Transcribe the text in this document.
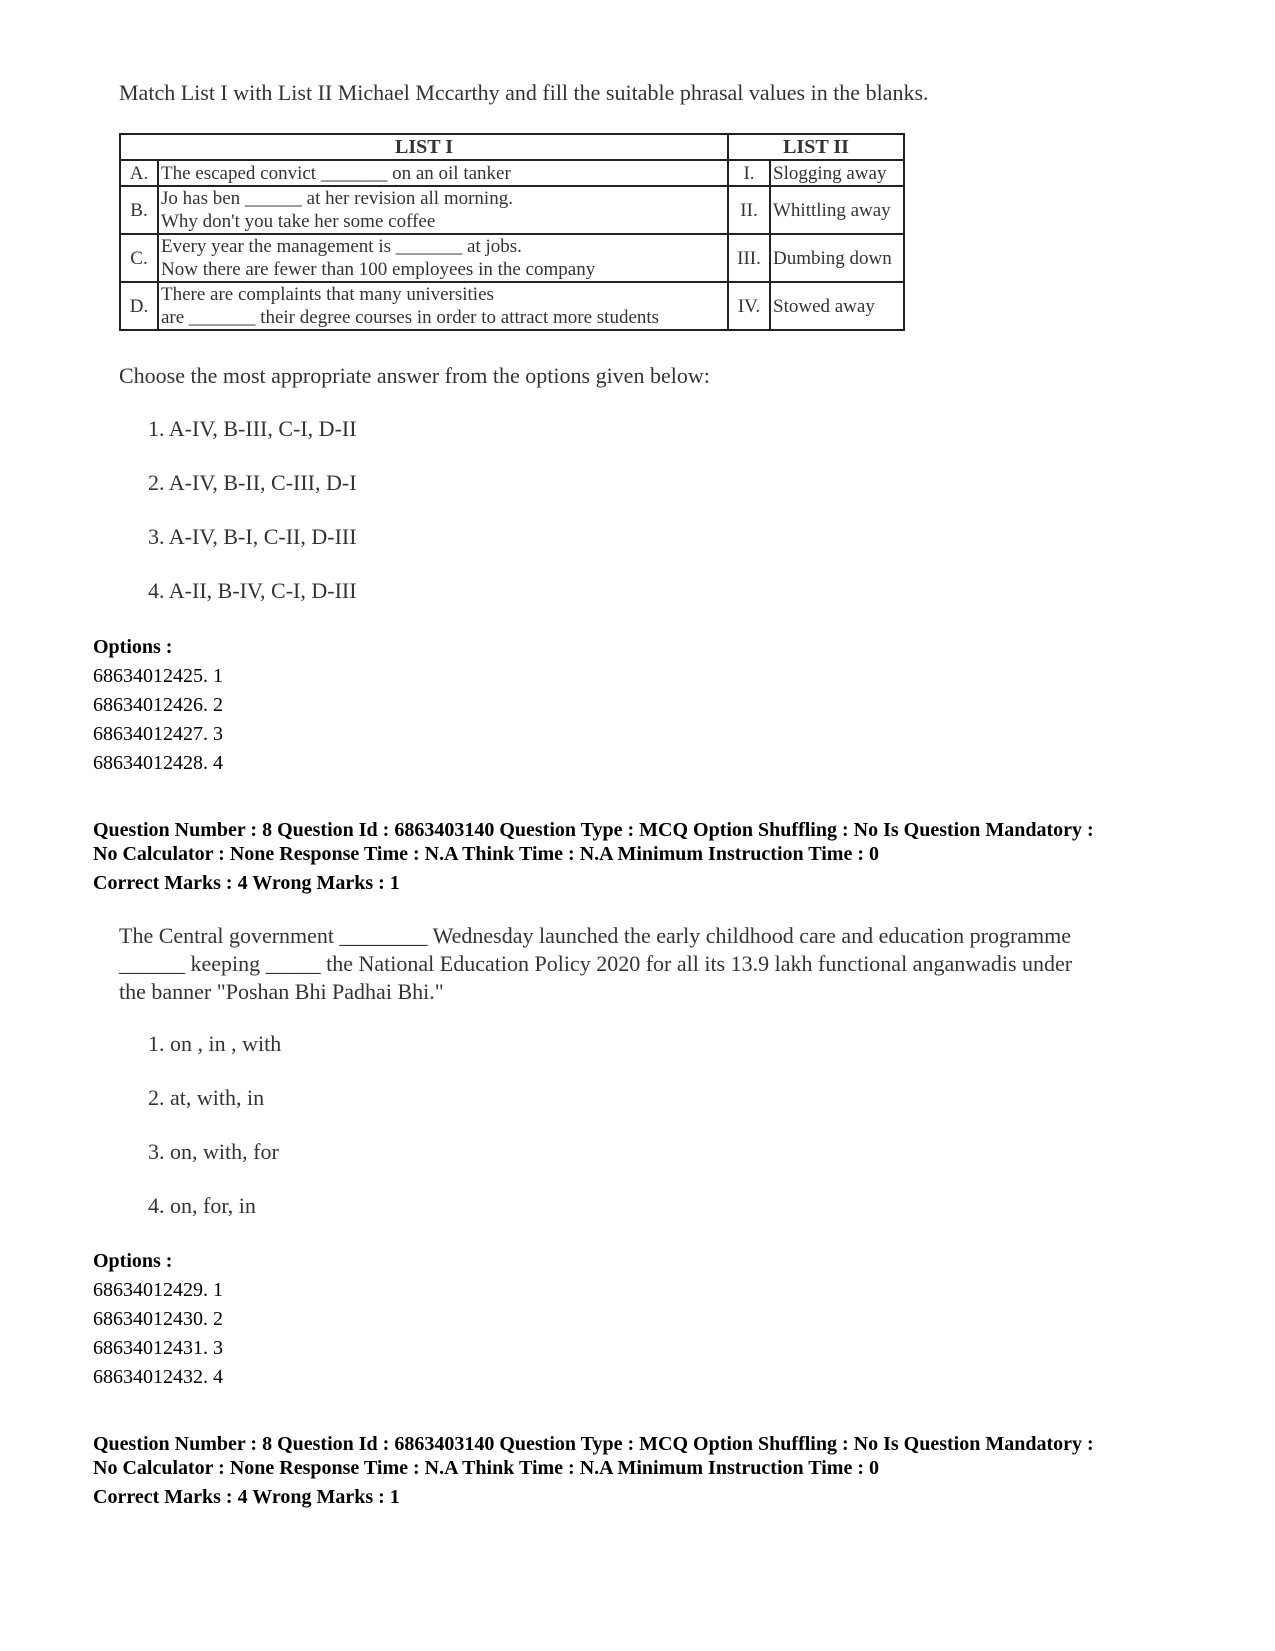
Match List I with List II Michael Mccarthy and fill the suitable phrasal values in the blanks.
LIST I		LIST II	
A.	The escaped convict _______ on an oil tanker	I.	Slogging away
B.	Jo has ben ______ at her revision all morning.
Why don't you take her some coffee	II.	Whittling away
C.	Every year the management is _______ at jobs.
Now there are fewer than 100 employees in the company	III.	Dumbing down
D.	There are complaints that many universities
are _______ their degree courses in order to attract more students	IV.	Stowed away
Choose the most appropriate answer from the options given below:
1. A-IV, B-III, C-I, D-II
2. A-IV, B-II, C-III, D-I
3. A-IV, B-I, C-II, D-III
4. A-II, B-IV, C-I, D-III
Options :
68634012425. 1
68634012426. 2
68634012427. 3
68634012428. 4
Question Number : 8 Question Id : 6863403140 Question Type : MCQ Option Shuffling : No Is Question Mandatory :
No Calculator : None Response Time : N.A Think Time : N.A Minimum Instruction Time : 0
Correct Marks : 4 Wrong Marks : 1
The Central government ________ Wednesday launched the early childhood care and education programme
______ keeping _____ the National Education Policy 2020 for all its 13.9 lakh functional anganwadis under
the banner "Poshan Bhi Padhai Bhi."
1. on , in , with
2. at, with, in
3. on, with, for
4. on, for, in
Options :
68634012429. 1
68634012430. 2
68634012431. 3
68634012432. 4
Question Number : 8 Question Id : 6863403140 Question Type : MCQ Option Shuffling : No Is Question Mandatory :
No Calculator : None Response Time : N.A Think Time : N.A Minimum Instruction Time : 0
Correct Marks : 4 Wrong Marks : 1
